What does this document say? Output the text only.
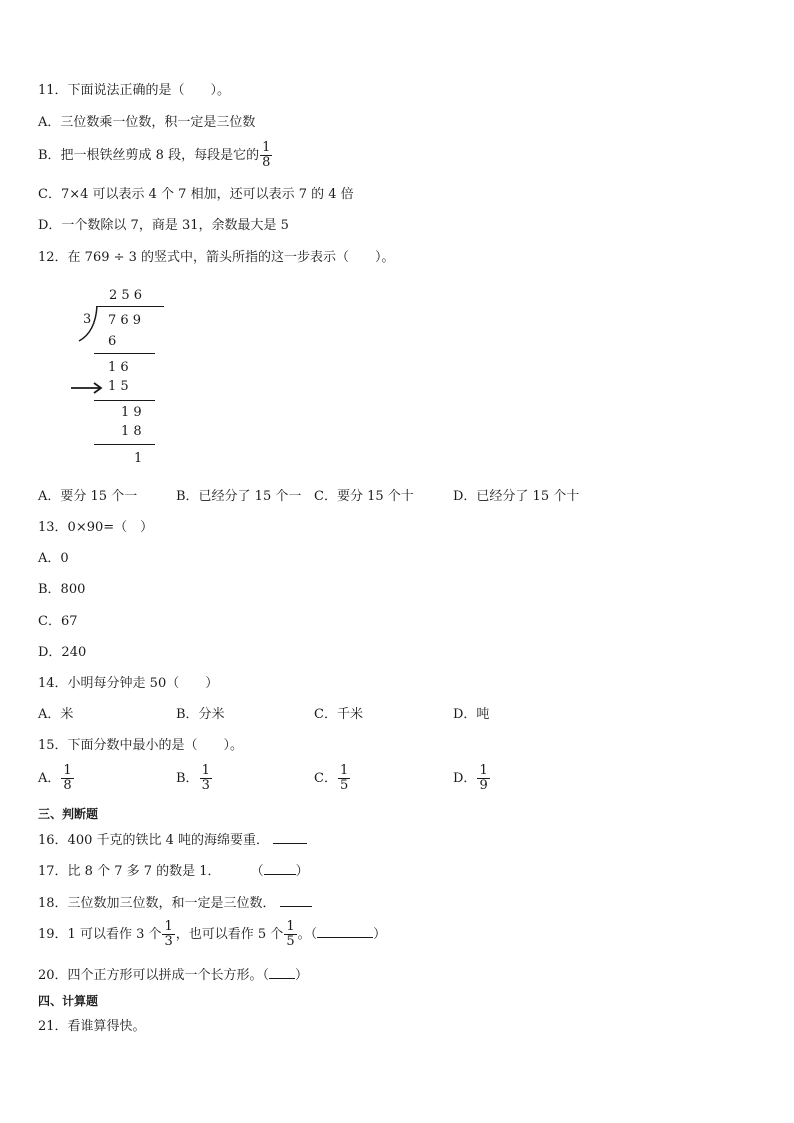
11．下面说法正确的是（　　）。
A．三位数乘一位数，积一定是三位数
B．把一根铁丝剪成 8 段，每段是它的 $\frac{1}{8}$
C．7×4 可以表示 4 个 7 相加，还可以表示 7 的 4 倍
D．一个数除以 7，商是 31，余数最大是 5
12．在 769 ÷ 3 的竖式中，箭头所指的这一步表示（　　）。
2 5 6
3 7 6 9
6
1 6
1 5
1 9
1 8
1
A．要分 15 个一	B．已经分了 15 个一 C．要分 15 个十	D．已经分了 15 个十
13．0×90=（　）
A．0
B．800
C．67
D．240
14．小明每分钟走 50（　　）
A．米	B．分米	C．千米	D．吨
15．下面分数中最小的是（　　）。
A． $\frac{1}{8}$	B． $\frac{1}{3}$	C． $\frac{1}{5}$	D． $\frac{1}{9}$
三、判断题
16．400 千克的铁比 4 吨的海绵要重．
17．比 8 个 7 多 7 的数是 1． （ ）
18．三位数加三位数，和一定是三位数．
19．1 可以看作 3 个 $\frac{1}{3}$ ，也可以看作 5 个 $\frac{1}{5}$ 。（	）
20．四个正方形可以拼成一个长方形。（ ）
四、计算题
21．看谁算得快。
